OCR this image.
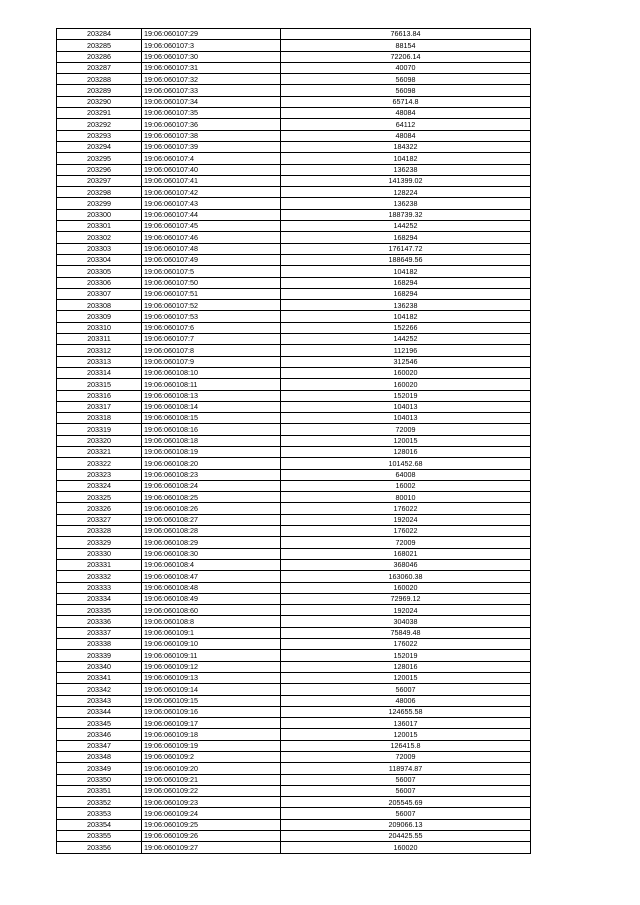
203284	19:06:060107:29	76613.84
203285	19:06:060107:3	88154
203286	19:06:060107:30	72206.14
203287	19:06:060107:31	40070
203288	19:06:060107:32	56098
203289	19:06:060107:33	56098
203290	19:06:060107:34	65714.8
203291	19:06:060107:35	48084
203292	19:06:060107:36	64112
203293	19:06:060107:38	48084
203294	19:06:060107:39	184322
203295	19:06:060107:4	104182
203296	19:06:060107:40	136238
203297	19:06:060107:41	141399.02
203298	19:06:060107:42	128224
203299	19:06:060107:43	136238
203300	19:06:060107:44	188739.32
203301	19:06:060107:45	144252
203302	19:06:060107:46	168294
203303	19:06:060107:48	176147.72
203304	19:06:060107:49	188649.56
203305	19:06:060107:5	104182
203306	19:06:060107:50	168294
203307	19:06:060107:51	168294
203308	19:06:060107:52	136238
203309	19:06:060107:53	104182
203310	19:06:060107:6	152266
203311	19:06:060107:7	144252
203312	19:06:060107:8	112196
203313	19:06:060107:9	312546
203314	19:06:060108:10	160020
203315	19:06:060108:11	160020
203316	19:06:060108:13	152019
203317	19:06:060108:14	104013
203318	19:06:060108:15	104013
203319	19:06:060108:16	72009
203320	19:06:060108:18	120015
203321	19:06:060108:19	128016
203322	19:06:060108:20	101452.68
203323	19:06:060108:23	64008
203324	19:06:060108:24	16002
203325	19:06:060108:25	80010
203326	19:06:060108:26	176022
203327	19:06:060108:27	192024
203328	19:06:060108:28	176022
203329	19:06:060108:29	72009
203330	19:06:060108:30	168021
203331	19:06:060108:4	368046
203332	19:06:060108:47	163060.38
203333	19:06:060108:48	160020
203334	19:06:060108:49	72969.12
203335	19:06:060108:60	192024
203336	19:06:060108:8	304038
203337	19:06:060109:1	75849.48
203338	19:06:060109:10	176022
203339	19:06:060109:11	152019
203340	19:06:060109:12	128016
203341	19:06:060109:13	120015
203342	19:06:060109:14	56007
203343	19:06:060109:15	48006
203344	19:06:060109:16	124655.58
203345	19:06:060109:17	136017
203346	19:06:060109:18	120015
203347	19:06:060109:19	126415.8
203348	19:06:060109:2	72009
203349	19:06:060109:20	118974.87
203350	19:06:060109:21	56007
203351	19:06:060109:22	56007
203352	19:06:060109:23	205545.69
203353	19:06:060109:24	56007
203354	19:06:060109:25	209066.13
203355	19:06:060109:26	204425.55
203356	19:06:060109:27	160020
